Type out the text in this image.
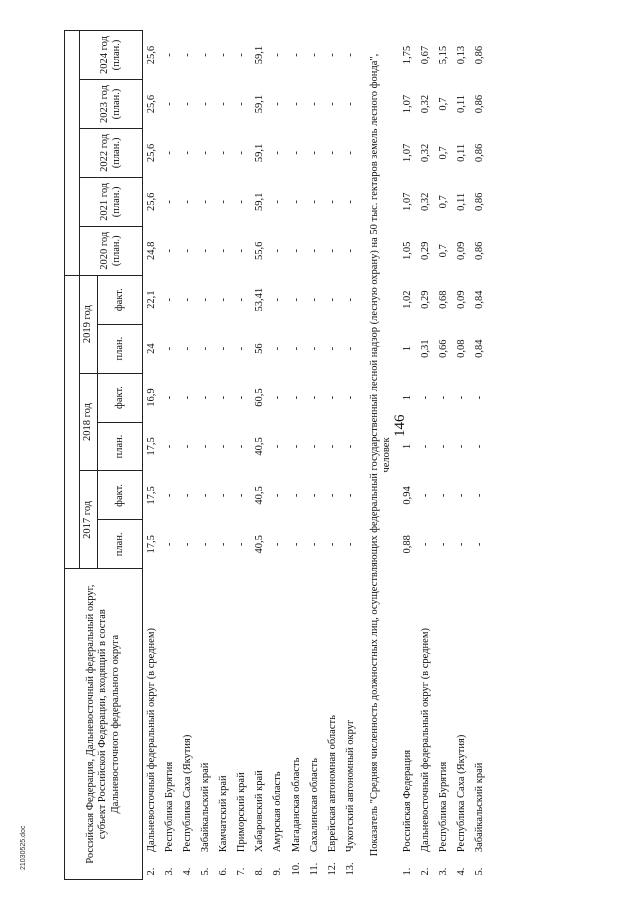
146
21030525.doc	Российская Федерация, Дальневосточный федеральный округ, субъект Российской Федерации, входящий в состав Дальневосточного федерального округа												
		2017 год		2018 год		2019 год		2020 год (план.)	2021 год (план.)	2022 год (план.)	2023 год (план.)	2024 год (план.)
		план.	факт.	план.	факт.	план.	факт.					
2.	Дальневосточный федеральный округ (в среднем)	17,5	17,5	17,5	16,9	24	22,1	24,8	25,6	25,6	25,6	25,6
3.	Республика Бурятия	-	-	-	-	-	-	-	-	-	-	-
4.	Республика Саха (Якутия)	-	-	-	-	-	-	-	-	-	-	-
5.	Забайкальский край	-	-	-	-	-	-	-	-	-	-	-
6.	Камчатский край	-	-	-	-	-	-	-	-	-	-	-
7.	Приморский край	-	-	-	-	-	-	-	-	-	-	-
8.	Хабаровский край	40,5	40,5	40,5	60,5	56	53,41	55,6	59,1	59,1	59,1	59,1
9.	Амурская область	-	-	-	-	-	-	-	-	-	-	-
10.	Магаданская область	-	-	-	-	-	-	-	-	-	-	-
11.	Сахалинская область	-	-	-	-	-	-	-	-	-	-	-
12.	Еврейская автономная область	-	-	-	-	-	-	-	-	-	-	-
13.	Чукотский автономный округ	-	-	-	-	-	-	-	-	-	-	-
Показатель "Средняя численность должностных лиц, осуществляющих федеральный государственный лесной надзор (лесную охрану) на 50 тыс. гектаров земель лесного фонда", человек												
1.	Российская Федерация	0,88	0,94	1	1	1	1,02	1,05	1,07	1,07	1,07	1,75
2.	Дальневосточный федеральный округ (в среднем)	-	-	-	-	0,31	0,29	0,29	0,32	0,32	0,32	0,67
3.	Республика Бурятия	-	-	-	-	0,66	0,68	0,7	0,7	0,7	0,7	5,15
4.	Республика Саха (Якутия)	-	-	-	-	0,08	0,09	0,09	0,11	0,11	0,11	0,13
5.	Забайкальский край	-	-	-	-	0,84	0,84	0,86	0,86	0,86	0,86	0,86
